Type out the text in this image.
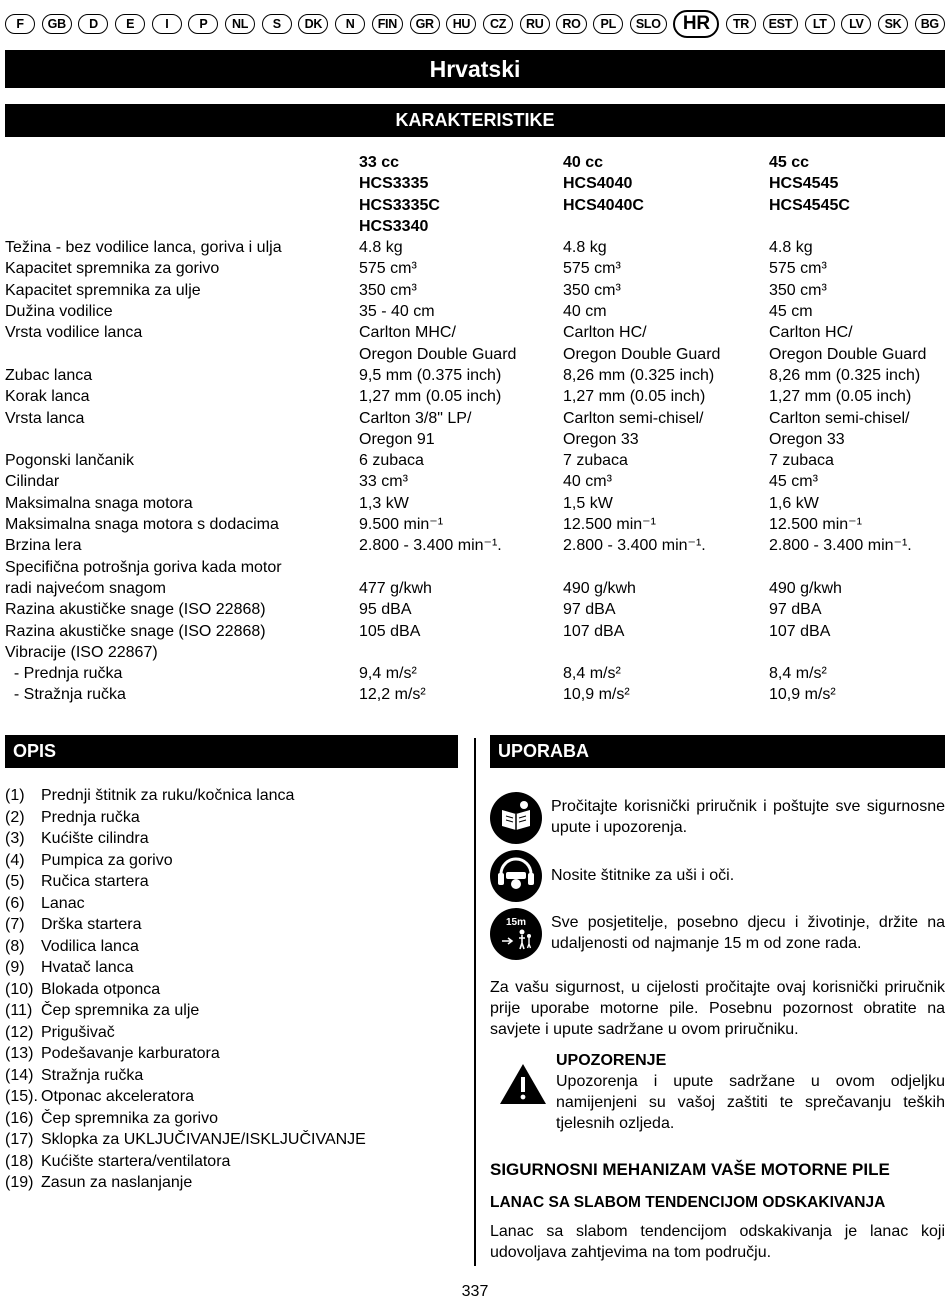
F	GB	D	E	I	P	NL	S	DK	N	FIN	GR	HU	CZ	RU	RO	PL	SLO	HR	TR	EST	LT	LV	SK	BG
Hrvatski
KARAKTERISTIKE
33 cc	40 cc	45 cc
HCS3335	HCS4040	HCS4545
HCS3335C	HCS4040C	HCS4545C
HCS3340
Težina - bez vodilice lanca, goriva i ulja	4.8 kg	4.8 kg	4.8 kg
Kapacitet spremnika za gorivo	575 cm³	575 cm³	575 cm³
Kapacitet spremnika za ulje	350 cm³	350 cm³	350 cm³
Dužina vodilice	35 - 40 cm	40 cm	45 cm
Vrsta vodilice lanca	Carlton MHC/	Carlton HC/	Carlton HC/
Oregon Double Guard	Oregon Double Guard	Oregon Double Guard
Zubac lanca	9,5 mm (0.375 inch)	8,26 mm (0.325 inch)	8,26 mm (0.325 inch)
Korak lanca	1,27 mm (0.05 inch)	1,27 mm (0.05 inch)	1,27 mm (0.05 inch)
Vrsta lanca	Carlton 3/8" LP/	Carlton semi-chisel/	Carlton semi-chisel/
Oregon 91	Oregon 33	Oregon 33
Pogonski lančanik	6 zubaca	7 zubaca	7 zubaca
Cilindar	33 cm³	40 cm³	45 cm³
Maksimalna snaga motora	1,3 kW	1,5 kW	1,6 kW
Maksimalna snaga motora s dodacima	9.500 min⁻¹	12.500 min⁻¹	12.500 min⁻¹
Brzina lera	2.800 - 3.400 min⁻¹.	2.800 - 3.400 min⁻¹.	2.800 - 3.400 min⁻¹.
Specifična potrošnja goriva kada motor
radi najvećom snagom	477 g/kwh	490 g/kwh	490 g/kwh
Razina akustičke snage (ISO 22868)	95 dBA	97 dBA	97 dBA
Razina akustičke snage (ISO 22868)	105 dBA	107 dBA	107 dBA
Vibracije (ISO 22867)
- Prednja ručka	9,4 m/s²	8,4 m/s²	8,4 m/s²
- Stražnja ručka	12,2 m/s²	10,9 m/s²	10,9 m/s²
OPIS	UPORABA
(1)	Prednji štitnik za ruku/kočnica lanca
(2)	Prednja ručka
(3)	Kućište cilindra
(4)	Pumpica za gorivo
(5)	Ručica startera
(6)	Lanac
(7)	Drška startera
(8)	Vodilica lanca
(9)	Hvatač lanca
(10) Blokada otponca
(11) Čep spremnika za ulje
(12) Prigušivač
(13) Podešavanje karburatora
(14) Stražnja ručka
(15). Otponac akceleratora
(16) Čep spremnika za gorivo
(17) Sklopka za UKLJUČIVANJE/ISKLJUČIVANJE
(18) Kućište startera/ventilatora
(19) Zasun za naslanjanje
Pročitajte korisnički priručnik i poštujte sve sigurnosne upute i upozorenja.
Nosite štitnike za uši i oči.
15m Sve posjetitelje, posebno djecu i životinje, držite na udaljenosti od najmanje 15 m od zone rada.
Za vašu sigurnost, u cijelosti pročitajte ovaj korisnički priručnik prije uporabe motorne pile. Posebnu pozornost obratite na savjete i upute sadržane u ovom priručniku.
UPOZORENJE
Upozorenja i upute sadržane u ovom odjeljku namijenjeni su vašoj zaštiti te sprečavanju teških tjelesnih ozljeda.
SIGURNOSNI MEHANIZAM VAŠE MOTORNE PILE
LANAC SA SLABOM TENDENCIJOM ODSKAKIVANJA
Lanac sa slabom tendencijom odskakivanja je lanac koji udovoljava zahtjevima na tom području.
337
